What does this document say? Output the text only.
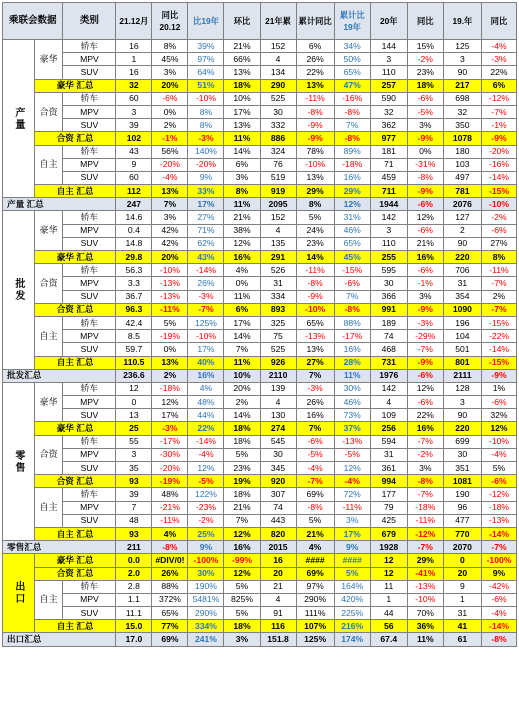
乘联会数据		类别	21.12月	同比20.12	比19年	环比	21年累	累计同比	累计比19年	20年	同比	19.年	同比
产量	豪华	轿车	16	8%	39%	21%	152	6%	34%	144	15%	125	-4%
		MPV	1	45%	97%	66%	4	26%	50%	3	-2%	3	-3%
		SUV	16	3%	64%	13%	134	22%	65%	110	23%	90	22%
	豪华 汇总		32	20%	51%	18%	290	13%	47%	257	18%	217	6%
	合资	轿车	60	-6%	-10%	10%	525	-11%	-16%	590	-6%	698	-12%
		MPV	3	0%	8%	17%	30	-8%	-8%	32	-5%	32	-7%
		SUV	39	2%	8%	13%	332	-9%	7%	362	3%	350	-1%
	合资 汇总		102	-1%	-3%	11%	886	-9%	-8%	977	-9%	1078	-9%
	自主	轿车	43	56%	140%	14%	324	78%	89%	181	0%	180	-20%
		MPV	9	-20%	-20%	6%	76	-10%	-18%	71	-31%	103	-16%
		SUV	60	-4%	9%	3%	519	13%	16%	459	-8%	497	-14%
	自主 汇总		112	13%	33%	8%	919	29%	29%	711	-9%	781	-15%
产量 汇总			247	7%	17%	11%	2095	8%	12%	1944	-6%	2076	-10%
批发	豪华	轿车	14.6	3%	27%	21%	152	5%	31%	142	12%	127	-2%
		MPV	0.4	42%	71%	38%	4	24%	46%	3	-6%	2	-6%
		SUV	14.8	42%	62%	12%	135	23%	65%	110	21%	90	27%
	豪华 汇总		29.8	20%	43%	16%	291	14%	45%	255	16%	220	8%
	合资	轿车	56.3	-10%	-14%	4%	526	-11%	-15%	595	-6%	706	-11%
		MPV	3.3	-13%	26%	0%	31	-8%	-6%	30	-1%	31	-7%
		SUV	36.7	-13%	-3%	11%	334	-9%	7%	366	3%	354	2%
	合资 汇总		96.3	-11%	-7%	6%	893	-10%	-8%	991	-9%	1090	-7%
	自主	轿车	42.4	5%	125%	17%	325	65%	88%	189	-3%	196	-15%
		MPV	8.5	-19%	-10%	14%	75	-13%	-17%	74	-29%	104	-22%
		SUV	59.7	0%	17%	7%	525	13%	16%	468	-7%	501	-14%
	自主 汇总		110.5	13%	40%	11%	926	27%	28%	731	-9%	801	-15%
批发汇总			236.6	2%	16%	10%	2110	7%	11%	1976	-6%	2111	-9%
零售	豪华	轿车	12	-18%	4%	20%	139	-3%	30%	142	12%	128	1%
		MPV	0	12%	48%	2%	4	26%	46%	4	-6%	3	-6%
		SUV	13	17%	44%	14%	130	16%	73%	109	22%	90	32%
	豪华 汇总		25	-3%	22%	18%	274	7%	37%	256	16%	220	12%
	合资	轿车	55	-17%	-14%	18%	545	-6%	-13%	594	-7%	699	-10%
		MPV	3	-30%	-4%	5%	30	-5%	-5%	31	-2%	30	-4%
		SUV	35	-20%	12%	23%	345	-4%	12%	361	3%	351	5%
	合资 汇总		93	-19%	-5%	19%	920	-7%	-4%	994	-8%	1081	-6%
	自主	轿车	39	48%	122%	18%	307	69%	72%	177	-7%	190	-12%
		MPV	7	-21%	-23%	21%	74	-8%	-11%	79	-18%	96	-18%
		SUV	48	-11%	-2%	7%	443	5%	3%	425	-11%	477	-13%
	自主 汇总		93	4%	25%	12%	820	21%	17%	679	-12%	770	-14%
零售汇总			211	-8%	9%	16%	2015	4%	9%	1928	-7%	2070	-7%
出口	豪华 汇总		0.0	#DIV/0!	-100%	-99%	16	####	####	12	29%	0	-100%
	合资 汇总		2.0	26%	30%	12%	20	69%	5%	12	-41%	20	9%
	自主	轿车	2.8	88%	190%	5%	21	97%	164%	11	-13%	9	-42%
		MPV	1.1	372%	5481%	825%	4	290%	420%	1	-10%	1	-6%
		SUV	11.1	65%	290%	5%	91	111%	225%	44	70%	31	-4%
	自主 汇总		15.0	77%	334%	18%	116	107%	216%	56	36%	41	-14%
出口汇总			17.0	69%	241%	3%	151.8	125%	174%	67.4	11%	61	-8%
